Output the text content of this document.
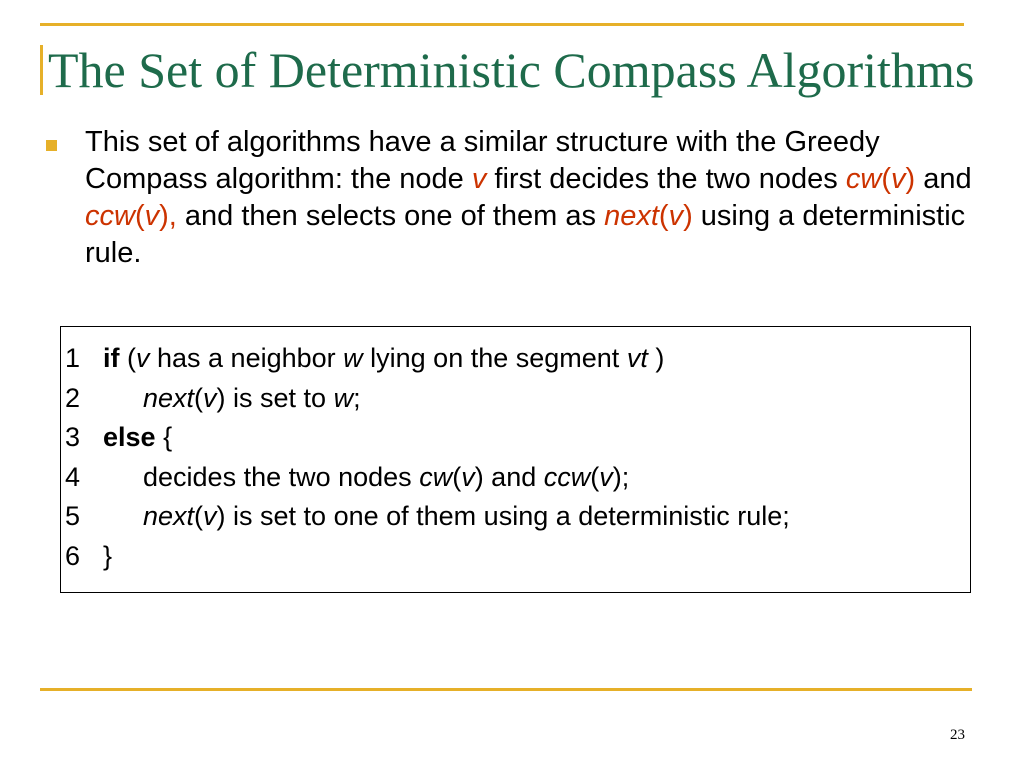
The Set of Deterministic Compass Algorithms
This set of algorithms have a similar structure with the Greedy Compass algorithm: the node v first decides the two nodes cw(v) and ccw(v), and then selects one of them as next(v) using a deterministic rule.
1 if (v has a neighbor w lying on the segment vt )
2 next(v) is set to w;
3 else {
4 decides the two nodes cw(v) and ccw(v);
5 next(v) is set to one of them using a deterministic rule;
6 }
23
